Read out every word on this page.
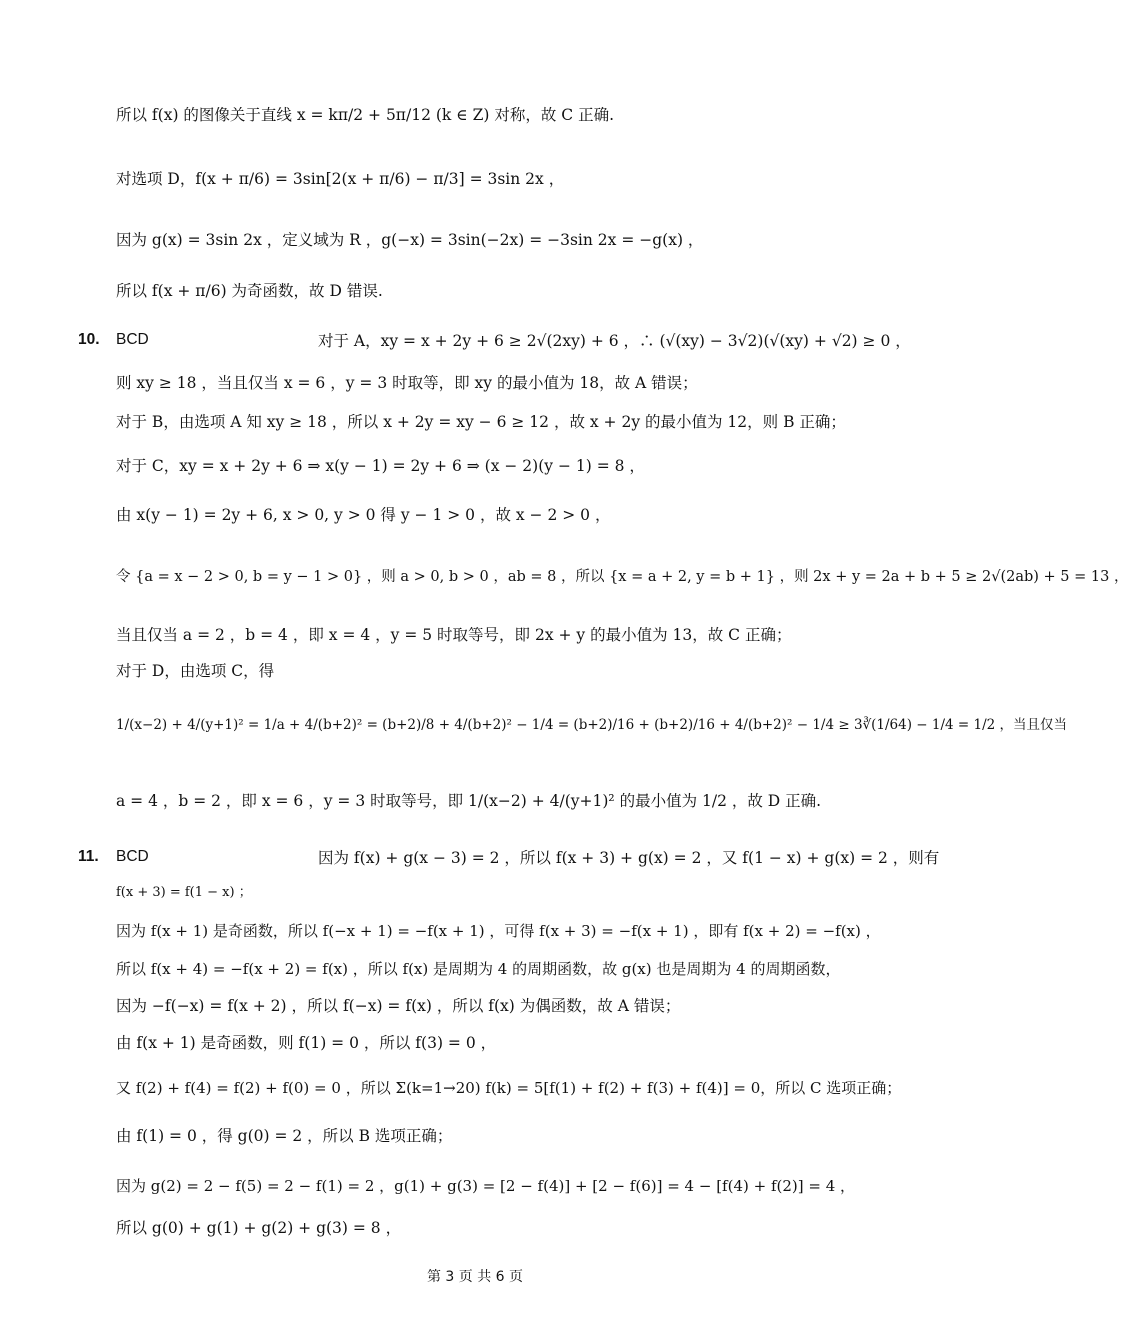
所以 f(x) 的图像关于直线 x = kπ/2 + 5π/12 (k ∈ Z) 对称，故 C 正确.
对选项 D，f(x + π/6) = 3sin[2(x + π/6) − π/3] = 3sin 2x ，
因为 g(x) = 3sin 2x ，定义域为 R ，g(−x) = 3sin(−2x) = −3sin 2x = −g(x) ，
所以 f(x + π/6) 为奇函数，故 D 错误.
10. BCD	对于 A，xy = x + 2y + 6 ≥ 2√(2xy) + 6 ，∴ (√(xy) − 3√2)(√(xy) + √2) ≥ 0 ，
则 xy ≥ 18 ，当且仅当 x = 6 ，y = 3 时取等，即 xy 的最小值为 18，故 A 错误；
对于 B，由选项 A 知 xy ≥ 18 ，所以 x + 2y = xy − 6 ≥ 12 ，故 x + 2y 的最小值为 12，则 B 正确；
对于 C，xy = x + 2y + 6 ⇒ x(y − 1) = 2y + 6 ⇒ (x − 2)(y − 1) = 8 ，
由 x(y − 1) = 2y + 6, x > 0, y > 0 得 y − 1 > 0 ，故 x − 2 > 0 ，
令 {a = x − 2 > 0, b = y − 1 > 0} ，则 a > 0, b > 0 ，ab = 8 ，所以 {x = a + 2, y = b + 1} ，则 2x + y = 2a + b + 5 ≥ 2√(2ab) + 5 = 13 ，
当且仅当 a = 2 ，b = 4 ，即 x = 4 ，y = 5 时取等号，即 2x + y 的最小值为 13，故 C 正确；
对于 D，由选项 C，得
1/(x−2) + 4/(y+1)² = 1/a + 4/(b+2)² = (b+2)/8 + 4/(b+2)² − 1/4 = (b+2)/16 + (b+2)/16 + 4/(b+2)² − 1/4 ≥ 3∛(1/64) − 1/4 = 1/2 ，当且仅当
a = 4 ，b = 2 ，即 x = 6 ，y = 3 时取等号，即 1/(x−2) + 4/(y+1)² 的最小值为 1/2 ，故 D 正确.
11. BCD	因为 f(x) + g(x − 3) = 2 ，所以 f(x + 3) + g(x) = 2 ，又 f(1 − x) + g(x) = 2 ，则有
f(x + 3) = f(1 − x) ；
因为 f(x + 1) 是奇函数，所以 f(−x + 1) = −f(x + 1) ，可得 f(x + 3) = −f(x + 1) ，即有 f(x + 2) = −f(x) ，
所以 f(x + 4) = −f(x + 2) = f(x) ，所以 f(x) 是周期为 4 的周期函数，故 g(x) 也是周期为 4 的周期函数，
因为 −f(−x) = f(x + 2) ，所以 f(−x) = f(x) ，所以 f(x) 为偶函数，故 A 错误；
由 f(x + 1) 是奇函数，则 f(1) = 0 ，所以 f(3) = 0 ，
又 f(2) + f(4) = f(2) + f(0) = 0 ，所以 Σ(k=1→20) f(k) = 5[f(1) + f(2) + f(3) + f(4)] = 0，所以 C 选项正确；
由 f(1) = 0 ，得 g(0) = 2 ，所以 B 选项正确；
因为 g(2) = 2 − f(5) = 2 − f(1) = 2 ，g(1) + g(3) = [2 − f(4)] + [2 − f(6)] = 4 − [f(4) + f(2)] = 4 ，
所以 g(0) + g(1) + g(2) + g(3) = 8 ，
第 3 页 共 6 页
